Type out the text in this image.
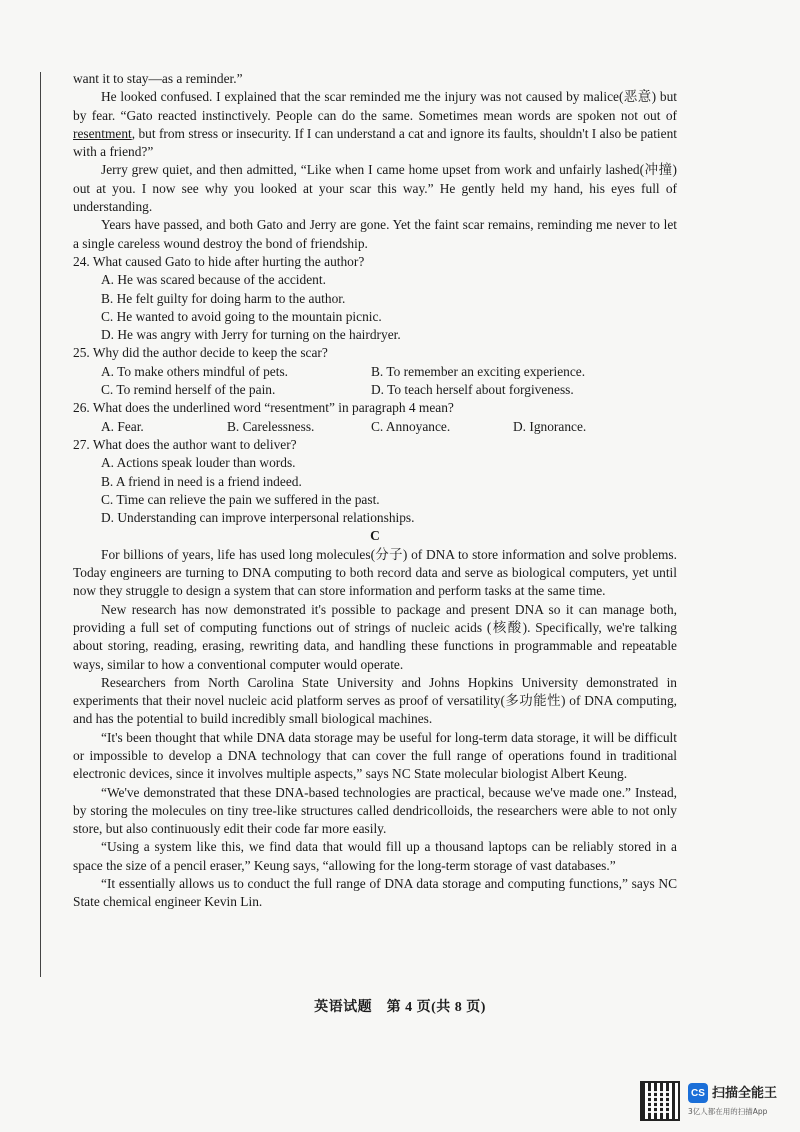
want it to stay—as a reminder.”

He looked confused. I explained that the scar reminded me the injury was not caused by malice(恶意) but by fear. “Gato reacted instinctively. People can do the same. Sometimes mean words are spoken not out of resentment, but from stress or insecurity. If I can understand a cat and ignore its faults, shouldn't I also be patient with a friend?”

Jerry grew quiet, and then admitted, “Like when I came home upset from work and unfairly lashed(冲撞) out at you. I now see why you looked at your scar this way.” He gently held my hand, his eyes full of understanding.

Years have passed, and both Gato and Jerry are gone. Yet the faint scar remains, reminding me never to let a single careless wound destroy the bond of friendship.

24. What caused Gato to hide after hurting the author?

A. He was scared because of the accident.

B. He felt guilty for doing harm to the author.

C. He wanted to avoid going to the mountain picnic.

D. He was angry with Jerry for turning on the hairdryer.

25. Why did the author decide to keep the scar?

A. To make others mindful of pets.	B. To remember an exciting experience.
C. To remind herself of the pain.	D. To teach herself about forgiveness.

26. What does the underlined word “resentment” in paragraph 4 mean?

A. Fear.	B. Carelessness.	C. Annoyance.	D. Ignorance.

27. What does the author want to deliver?

A. Actions speak louder than words.

B. A friend in need is a friend indeed.

C. Time can relieve the pain we suffered in the past.

D. Understanding can improve interpersonal relationships.

C

For billions of years, life has used long molecules(分子) of DNA to store information and solve problems. Today engineers are turning to DNA computing to both record data and serve as biological computers, yet until now they struggle to design a system that can store information and perform tasks at the same time.

New research has now demonstrated it's possible to package and present DNA so it can manage both, providing a full set of computing functions out of strings of nucleic acids (核酸). Specifically, we're talking about storing, reading, erasing, rewriting data, and handling these functions in programmable and repeatable ways, similar to how a conventional computer would operate.

Researchers from North Carolina State University and Johns Hopkins University demonstrated in experiments that their novel nucleic acid platform serves as proof of versatility(多功能性) of DNA computing, and has the potential to build incredibly small biological machines.

“It's been thought that while DNA data storage may be useful for long-term data storage, it will be difficult or impossible to develop a DNA technology that can cover the full range of operations found in traditional electronic devices, since it involves multiple aspects,” says NC State molecular biologist Albert Keung.

“We've demonstrated that these DNA-based technologies are practical, because we've made one.” Instead, by storing the molecules on tiny tree-like structures called dendricolloids, the researchers were able to not only store, but also continuously edit their code far more easily.

“Using a system like this, we find data that would fill up a thousand laptops can be reliably stored in a space the size of a pencil eraser,” Keung says, “allowing for the long-term storage of vast databases.”

“It essentially allows us to conduct the full range of DNA data storage and computing functions,” says NC State chemical engineer Kevin Lin.

英语试题　第 4 页(共 8 页)
CS 扫描全能王
3亿人都在用的扫描App
